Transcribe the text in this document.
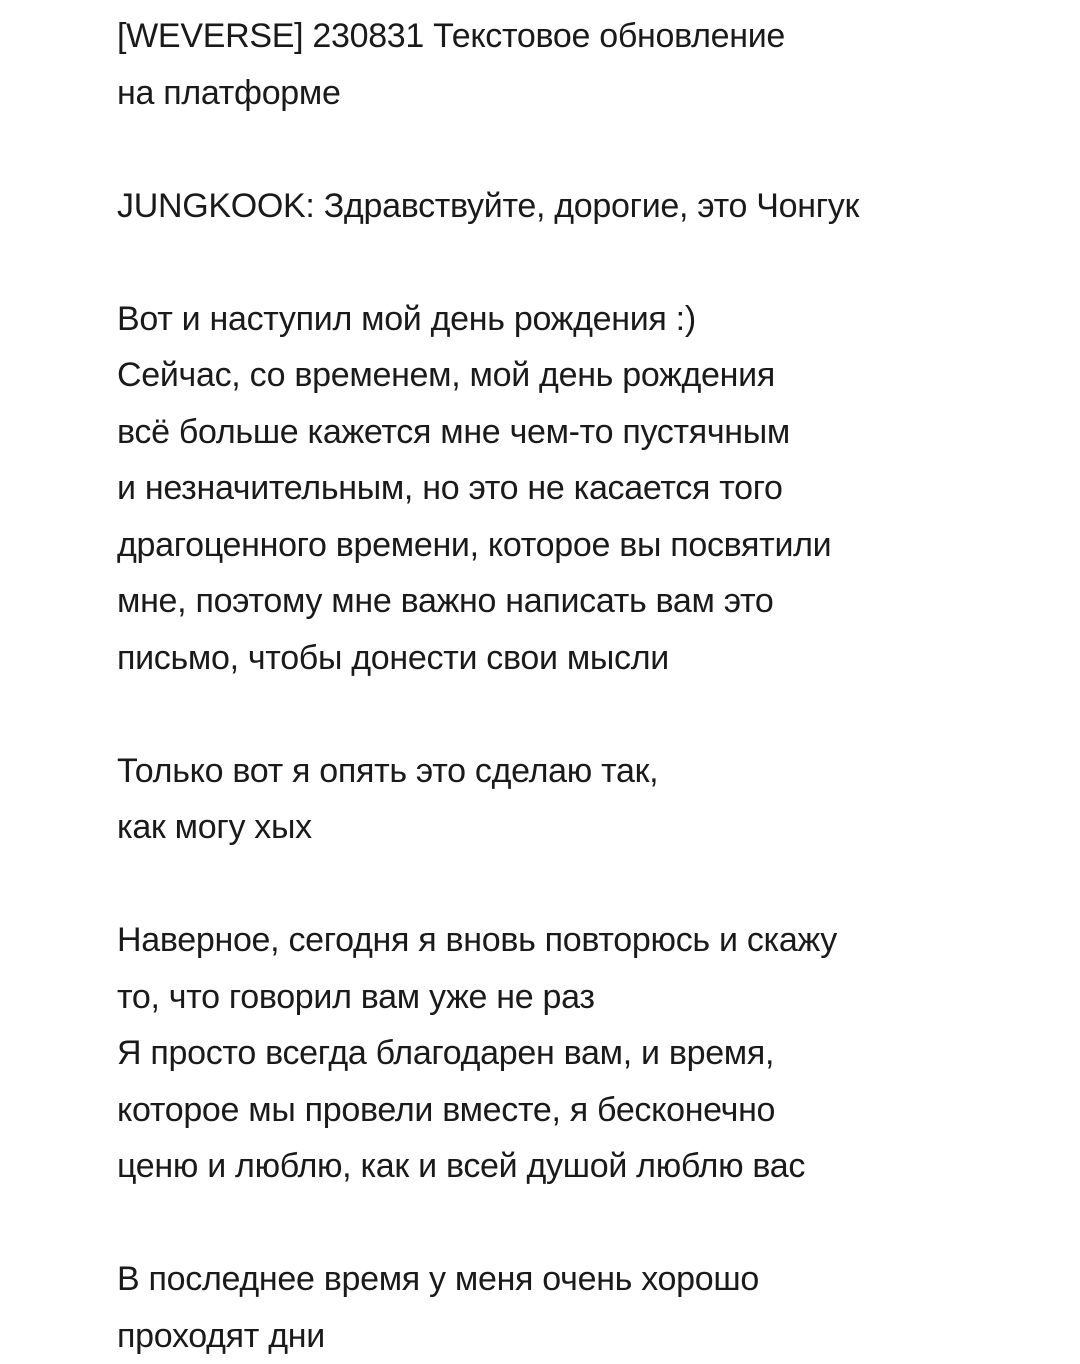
[WEVERSE] 230831 Текстовое обновление
на платформе

JUNGKOOK: Здравствуйте, дорогие, это Чонгук

Вот и наступил мой день рождения :)
Сейчас, со временем, мой день рождения
всё больше кажется мне чем-то пустячным
и незначительным, но это не касается того
драгоценного времени, которое вы посвятили
мне, поэтому мне важно написать вам это
письмо, чтобы донести свои мысли

Только вот я опять это сделаю так,
как могу хых

Наверное, сегодня я вновь повторюсь и скажу
то, что говорил вам уже не раз
Я просто всегда благодарен вам, и время,
которое мы провели вместе, я бесконечно
ценю и люблю, как и всей душой люблю вас

В последнее время у меня очень хорошо
проходят дни
